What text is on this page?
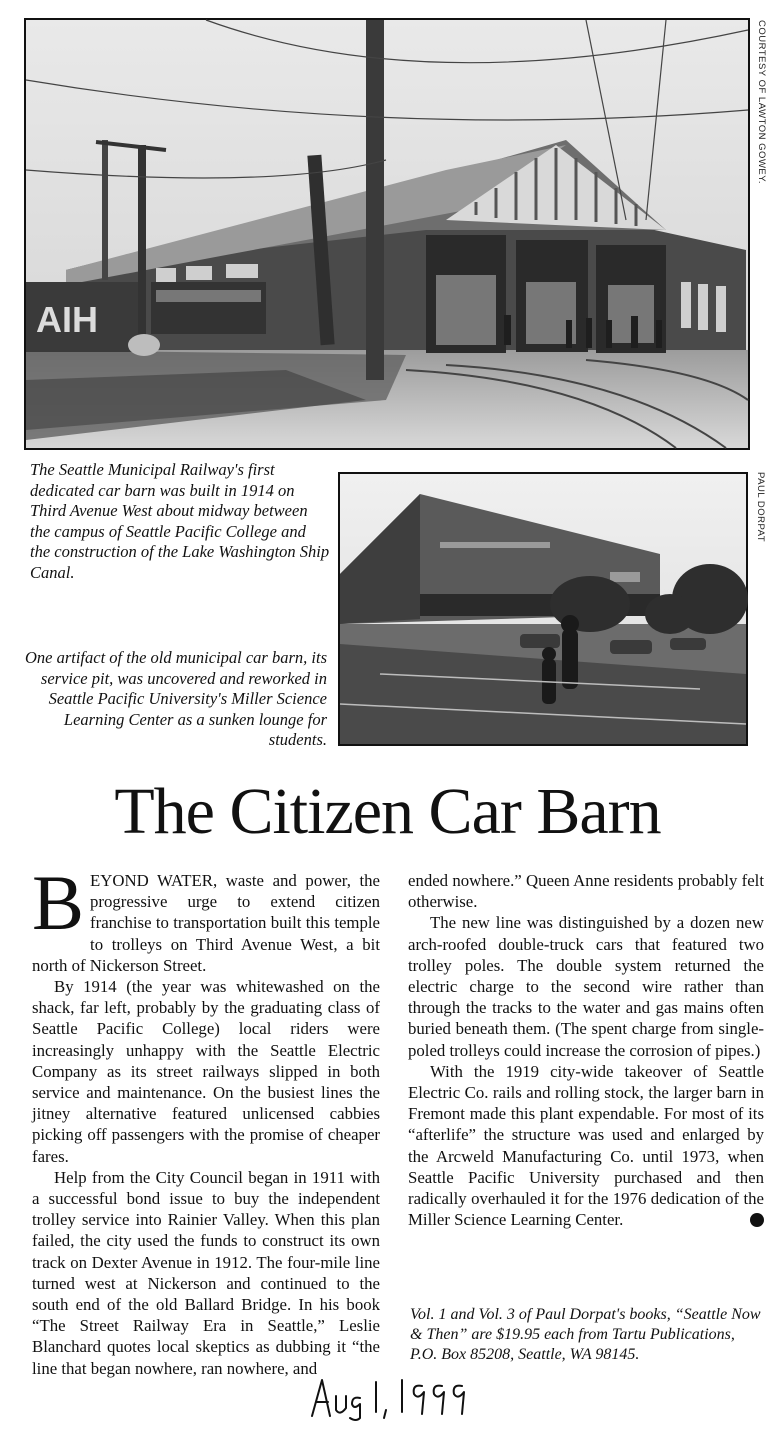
AIH
COURTESY OF LAWTON GOWEY.
The Seattle Municipal Railway's first dedicated car barn was built in 1914 on Third Avenue West about midway between the campus of Seattle Pacific College and the construction of the Lake Washington Ship Canal.
PAUL DORPAT
One artifact of the old municipal car barn, its service pit, was uncovered and reworked in Seattle Pacific University's Miller Science Learning Center as a sunken lounge for students.
The Citizen Car Barn

BEYOND WATER, waste and power, the progressive urge to extend citizen franchise to transportation built this temple to trolleys on Third Avenue West, a bit north of Nickerson Street.

By 1914 (the year was whitewashed on the shack, far left, probably by the graduating class of Seattle Pacific College) local riders were increasingly unhappy with the Seattle Electric Company as its street railways slipped in both service and maintenance. On the busiest lines the jitney alternative featured unlicensed cabbies picking off passengers with the promise of cheaper fares.

Help from the City Council began in 1911 with a successful bond issue to buy the independent trolley service into Rainier Valley. When this plan failed, the city used the funds to construct its own track on Dexter Avenue in 1912. The four-mile line turned west at Nickerson and continued to the south end of the old Ballard Bridge. In his book “The Street Railway Era in Seattle,” Leslie Blanchard quotes local skeptics as dubbing it “the line that began nowhere, ran nowhere, and

ended nowhere.” Queen Anne residents probably felt otherwise.

The new line was distinguished by a dozen new arch-roofed double-truck cars that featured two trolley poles. The double system returned the electric charge to the second wire rather than through the tracks to the water and gas mains often buried beneath them. (The spent charge from single-poled trolleys could increase the corrosion of pipes.)

With the 1919 city-wide takeover of Seattle Electric Co. rails and rolling stock, the larger barn in Fremont made this plant expendable. For most of its “afterlife” the structure was used and enlarged by the Arcweld Manufacturing Co. until 1973, when Seattle Pacific University purchased and then radically overhauled it for the 1976 dedication of the Miller Science Learning Center.	P

Vol. 1 and Vol. 3 of Paul Dorpat's books, “Seattle Now & Then” are $19.95 each from Tartu Publications, P.O. Box 85208, Seattle, WA 98145.
